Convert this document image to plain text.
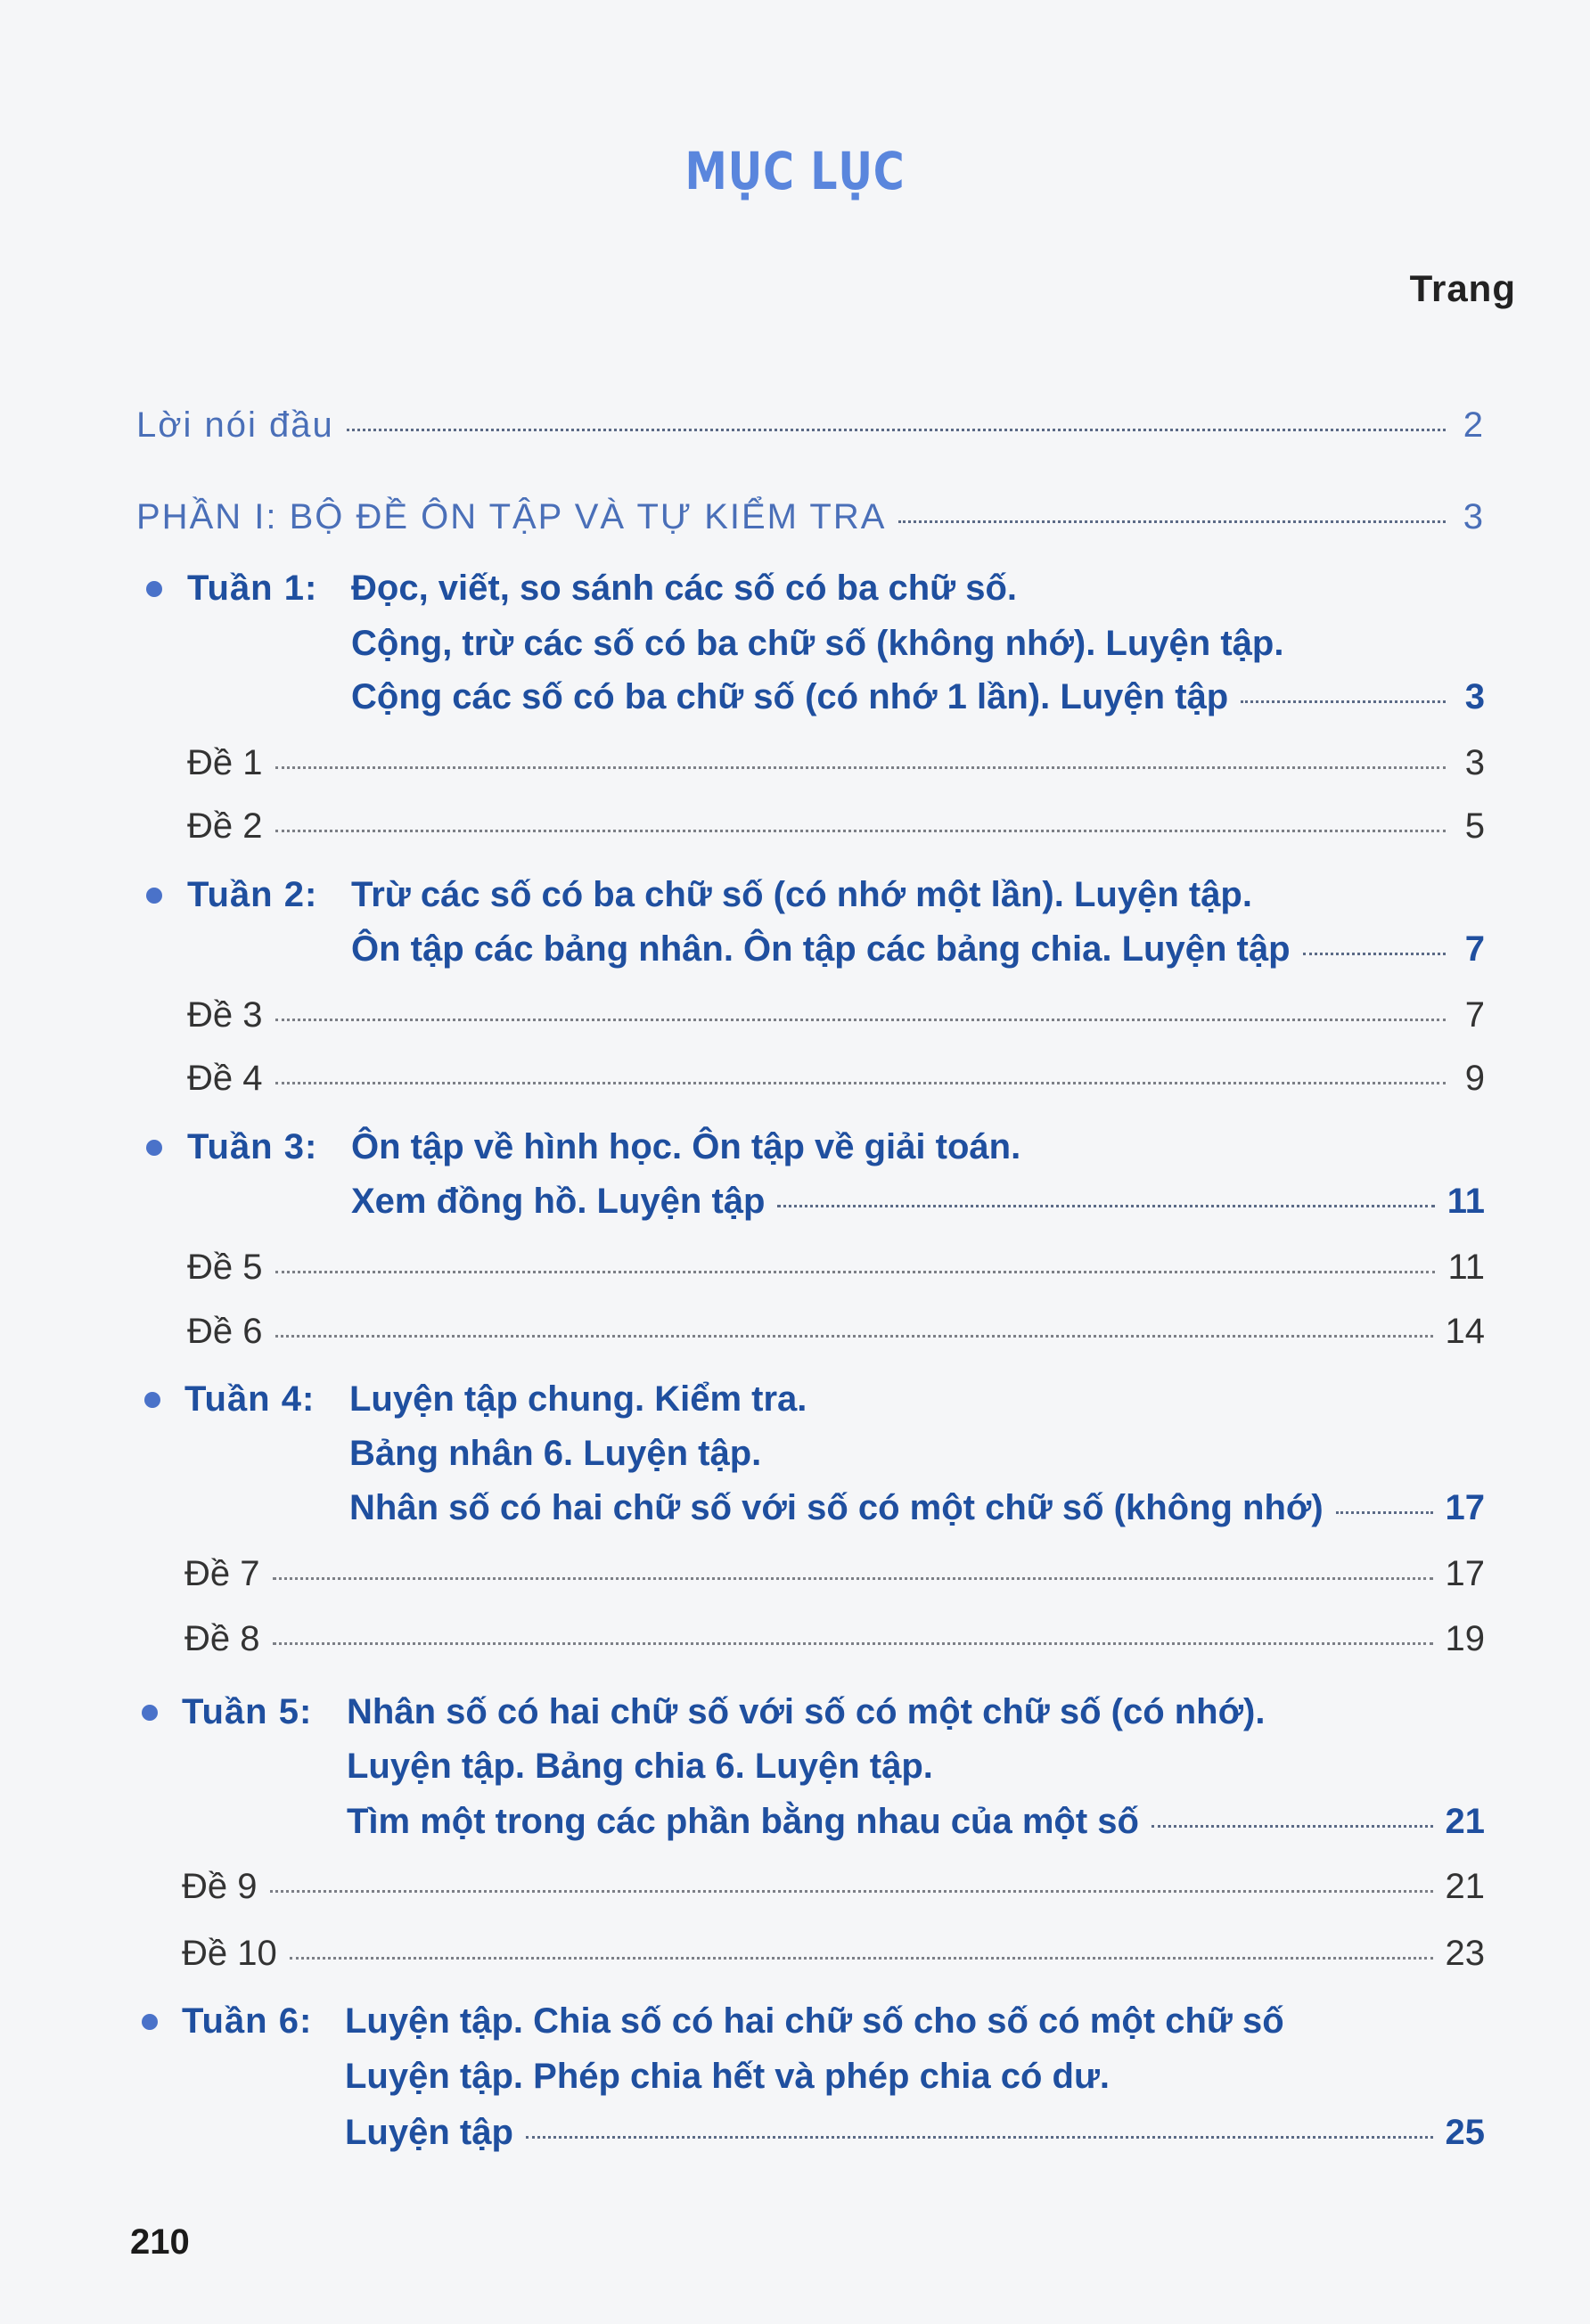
MỤC LỤC
Trang
Lời nói đầu	2
PHẦN I: BỘ ĐỀ ÔN TẬP VÀ TỰ KIỂM TRA	3
Tuần 1: Đọc, viết, so sánh các số có ba chữ số.
Cộng, trừ các số có ba chữ số (không nhớ). Luyện tập.
Cộng các số có ba chữ số (có nhớ 1 lần). Luyện tập	3
Đề 1	3
Đề 2	5
Tuần 2: Trừ các số có ba chữ số (có nhớ một lần). Luyện tập.
Ôn tập các bảng nhân. Ôn tập các bảng chia. Luyện tập	7
Đề 3	7
Đề 4	9
Tuần 3: Ôn tập về hình học. Ôn tập về giải toán.
Xem đồng hồ. Luyện tập	11
Đề 5	11
Đề 6	14
Tuần 4: Luyện tập chung. Kiểm tra.
Bảng nhân 6. Luyện tập.
Nhân số có hai chữ số với số có một chữ số (không nhớ)	17
Đề 7	17
Đề 8	19
Tuần 5: Nhân số có hai chữ số với số có một chữ số (có nhớ).
Luyện tập. Bảng chia 6. Luyện tập.
Tìm một trong các phần bằng nhau của một số	21
Đề 9	21
Đề 10	23
Tuần 6: Luyện tập. Chia số có hai chữ số cho số có một chữ số
Luyện tập. Phép chia hết và phép chia có dư.
Luyện tập	25
210
